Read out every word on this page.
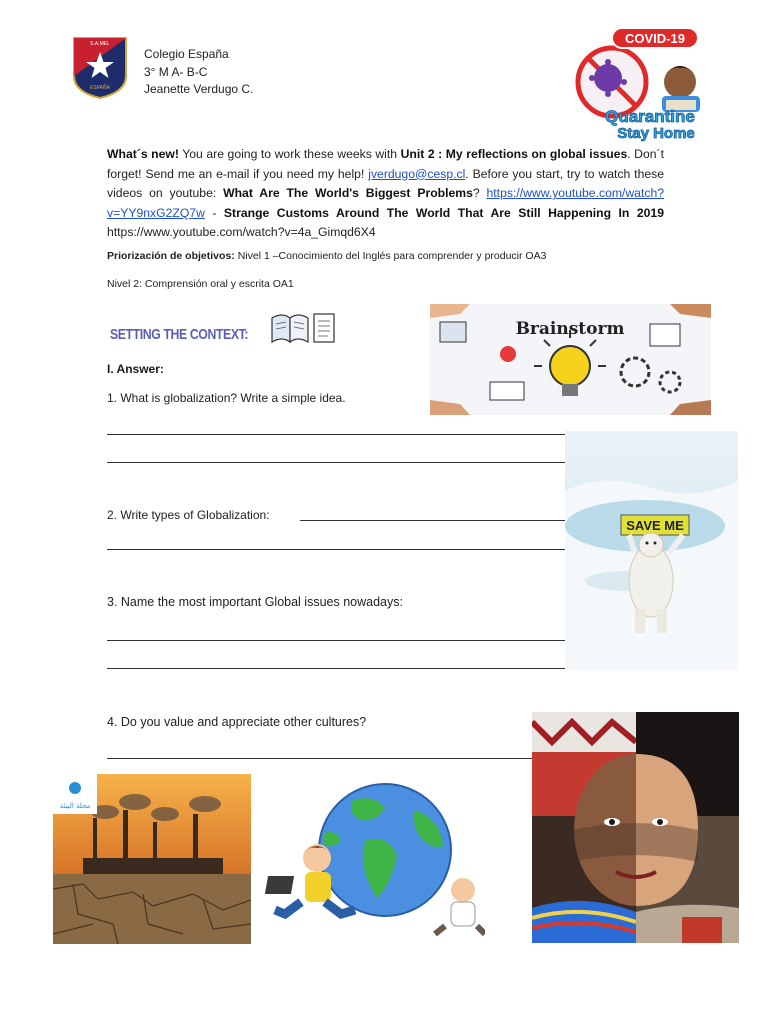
S.A.MEL
ESPAÑA
Colegio España
3° M A- B-C
Jeanette Verdugo C.
COVID-19
Quarantine
Stay Home
What´s new! You are going to work these weeks with Unit 2 : My reflections on global issues. Don´t forget! Send me an e-mail if you need my help! jverdugo@cesp.cl. Before you start, try to watch these videos on youtube: What Are The World's Biggest Problems? https://www.youtube.com/watch?v=YY9nxG2ZQ7w - Strange Customs Around The World That Are Still Happening In 2019 https://www.youtube.com/watch?v=4a_Gimqd6X4
Priorización de objetivos: Nivel 1 –Conocimiento del Inglés para comprender y producir OA3
Nivel 2: Comprensión oral y escrita OA1
SETTING THE CONTEXT:	Brainstorm
I. Answer:
1. What is globalization? Write a simple idea.
2. Write types of Globalization:
3. Name the most important Global issues nowadays:
4. Do you value and appreciate other cultures?
SAVE ME
مجلة البيئة
